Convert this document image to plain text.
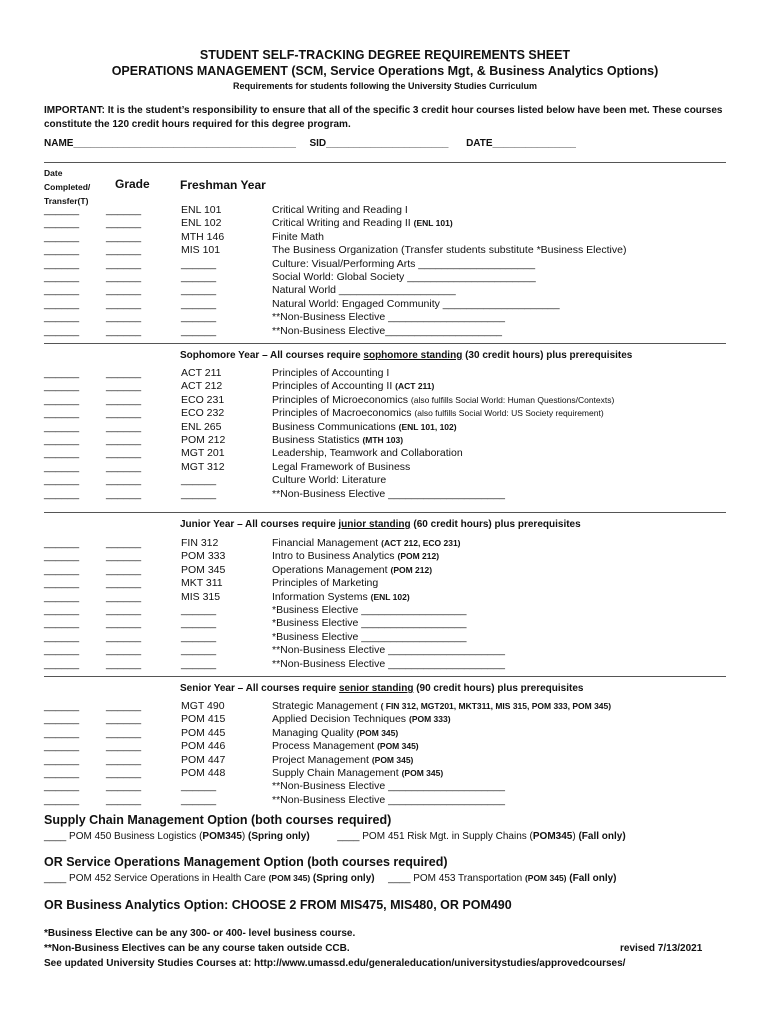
STUDENT SELF-TRACKING DEGREE REQUIREMENTS SHEET
OPERATIONS MANAGEMENT (SCM, Service Operations Mgt, & Business Analytics Options)
Requirements for students following the University Studies Curriculum
IMPORTANT: It is the student’s responsibility to ensure that all of the specific 3 credit hour courses listed below have been met. These courses constitute the 120 credit hours required for this degree program.
NAME________________________________________ SID______________________ DATE_______________
Date
Completed/
Transfer(T)
Grade	Freshman Year
______	______	ENL 101	Critical Writing and Reading I
______	______	ENL 102	Critical Writing and Reading II (ENL 101)
______	______	MTH 146	Finite Math
______	______	MIS 101	The Business Organization (Transfer students substitute *Business Elective)
______	______	______	Culture: Visual/Performing Arts ____________________
______	______	______	Social World: Global Society ______________________
______	______	______	Natural World ____________________
______	______	______	Natural World: Engaged Community ____________________
______	______	______	**Non-Business Elective ____________________
______	______	______	**Non-Business Elective____________________
Sophomore Year – All courses require sophomore standing (30 credit hours) plus prerequisites
______	______	ACT 211	Principles of Accounting I
______	______	ACT 212	Principles of Accounting II (ACT 211)
______	______	ECO 231	Principles of Microeconomics (also fulfills Social World: Human Questions/Contexts)
______	______	ECO 232	Principles of Macroeconomics (also fulfills Social World: US Society requirement)
______	______	ENL 265	Business Communications (ENL 101, 102)
______	______	POM 212	Business Statistics (MTH 103)
______	______	MGT 201	Leadership, Teamwork and Collaboration
______	______	MGT 312	Legal Framework of Business
______	______	______	Culture World: Literature
______	______	______	**Non-Business Elective ____________________
Junior Year – All courses require junior standing (60 credit hours) plus prerequisites
______	______	FIN 312	Financial Management (ACT 212, ECO 231)
______	______	POM 333	Intro to Business Analytics (POM 212)
______	______	POM 345	Operations Management (POM 212)
______	______	MKT 311	Principles of Marketing
______	______	MIS 315	Information Systems (ENL 102)
______	______	______	*Business Elective __________________
______	______	______	*Business Elective __________________
______	______	______	*Business Elective __________________
______	______	______	**Non-Business Elective ____________________
______	______	______	**Non-Business Elective ____________________
Senior Year – All courses require senior standing (90 credit hours) plus prerequisites
______	______	MGT 490	Strategic Management ( FIN 312, MGT201, MKT311, MIS 315, POM 333, POM 345)
______	______	POM 415	Applied Decision Techniques (POM 333)
______	______	POM 445	Managing Quality (POM 345)
______	______	POM 446	Process Management (POM 345)
______	______	POM 447	Project Management (POM 345)
______	______	POM 448	Supply Chain Management (POM 345)
______	______	______	**Non-Business Elective ____________________
______	______	______	**Non-Business Elective ____________________
Supply Chain Management Option (both courses required)
____ POM 450 Business Logistics (POM345) (Spring only)	____ POM 451 Risk Mgt. in Supply Chains (POM345) (Fall only)
OR Service Operations Management Option (both courses required)
____ POM 452 Service Operations in Health Care (POM 345) (Spring only) ____ POM 453 Transportation (POM 345) (Fall only)
OR Business Analytics Option: CHOOSE 2 FROM MIS475, MIS480, OR POM490
*Business Elective can be any 300- or 400- level business course.
**Non-Business Electives can be any course taken outside CCB.	revised 7/13/2021
See updated University Studies Courses at: http://www.umassd.edu/generaleducation/universitystudies/approvedcourses/
